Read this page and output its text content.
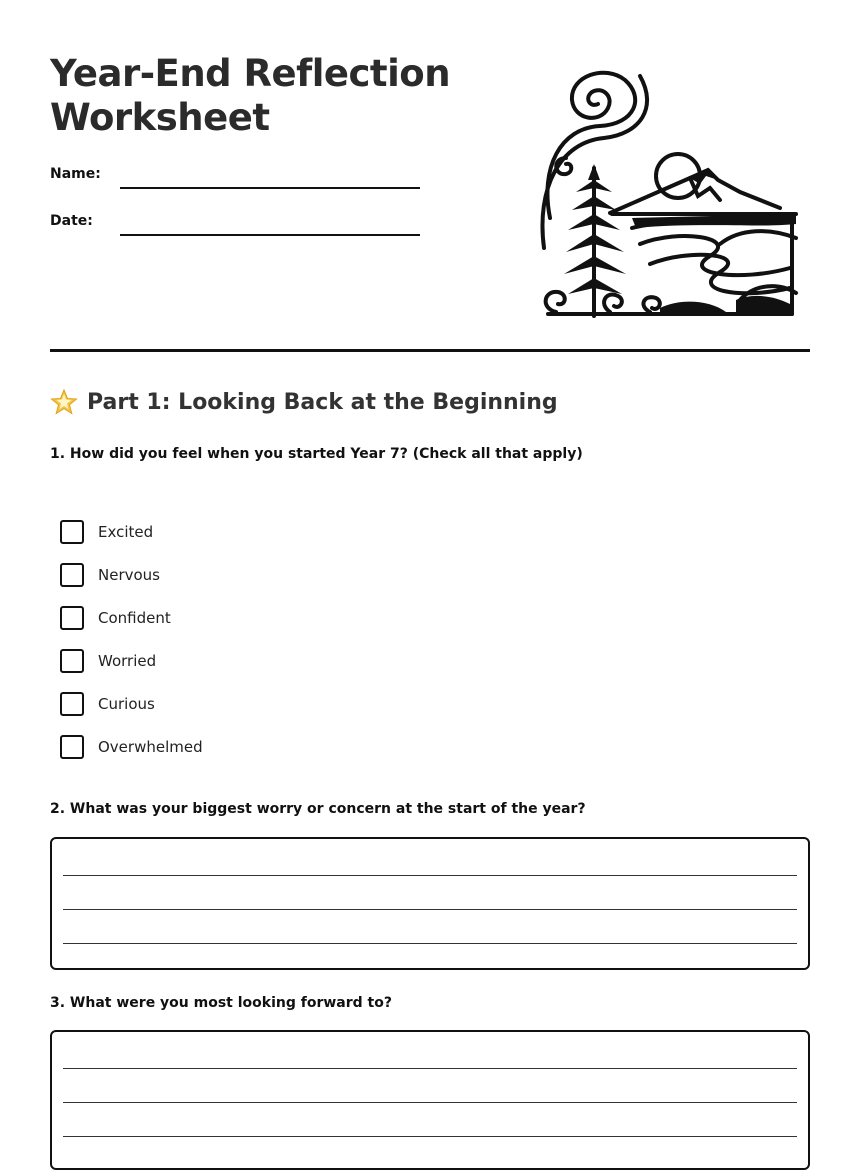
Year-End Reflection Worksheet
Name:
Date:
Part 1: Looking Back at the Beginning

1. How did you feel when you started Year 7? (Check all that apply)

Excited
Nervous
Confident
Worried
Curious
Overwhelmed

2. What was your biggest worry or concern at the start of the year?

3. What were you most looking forward to?
